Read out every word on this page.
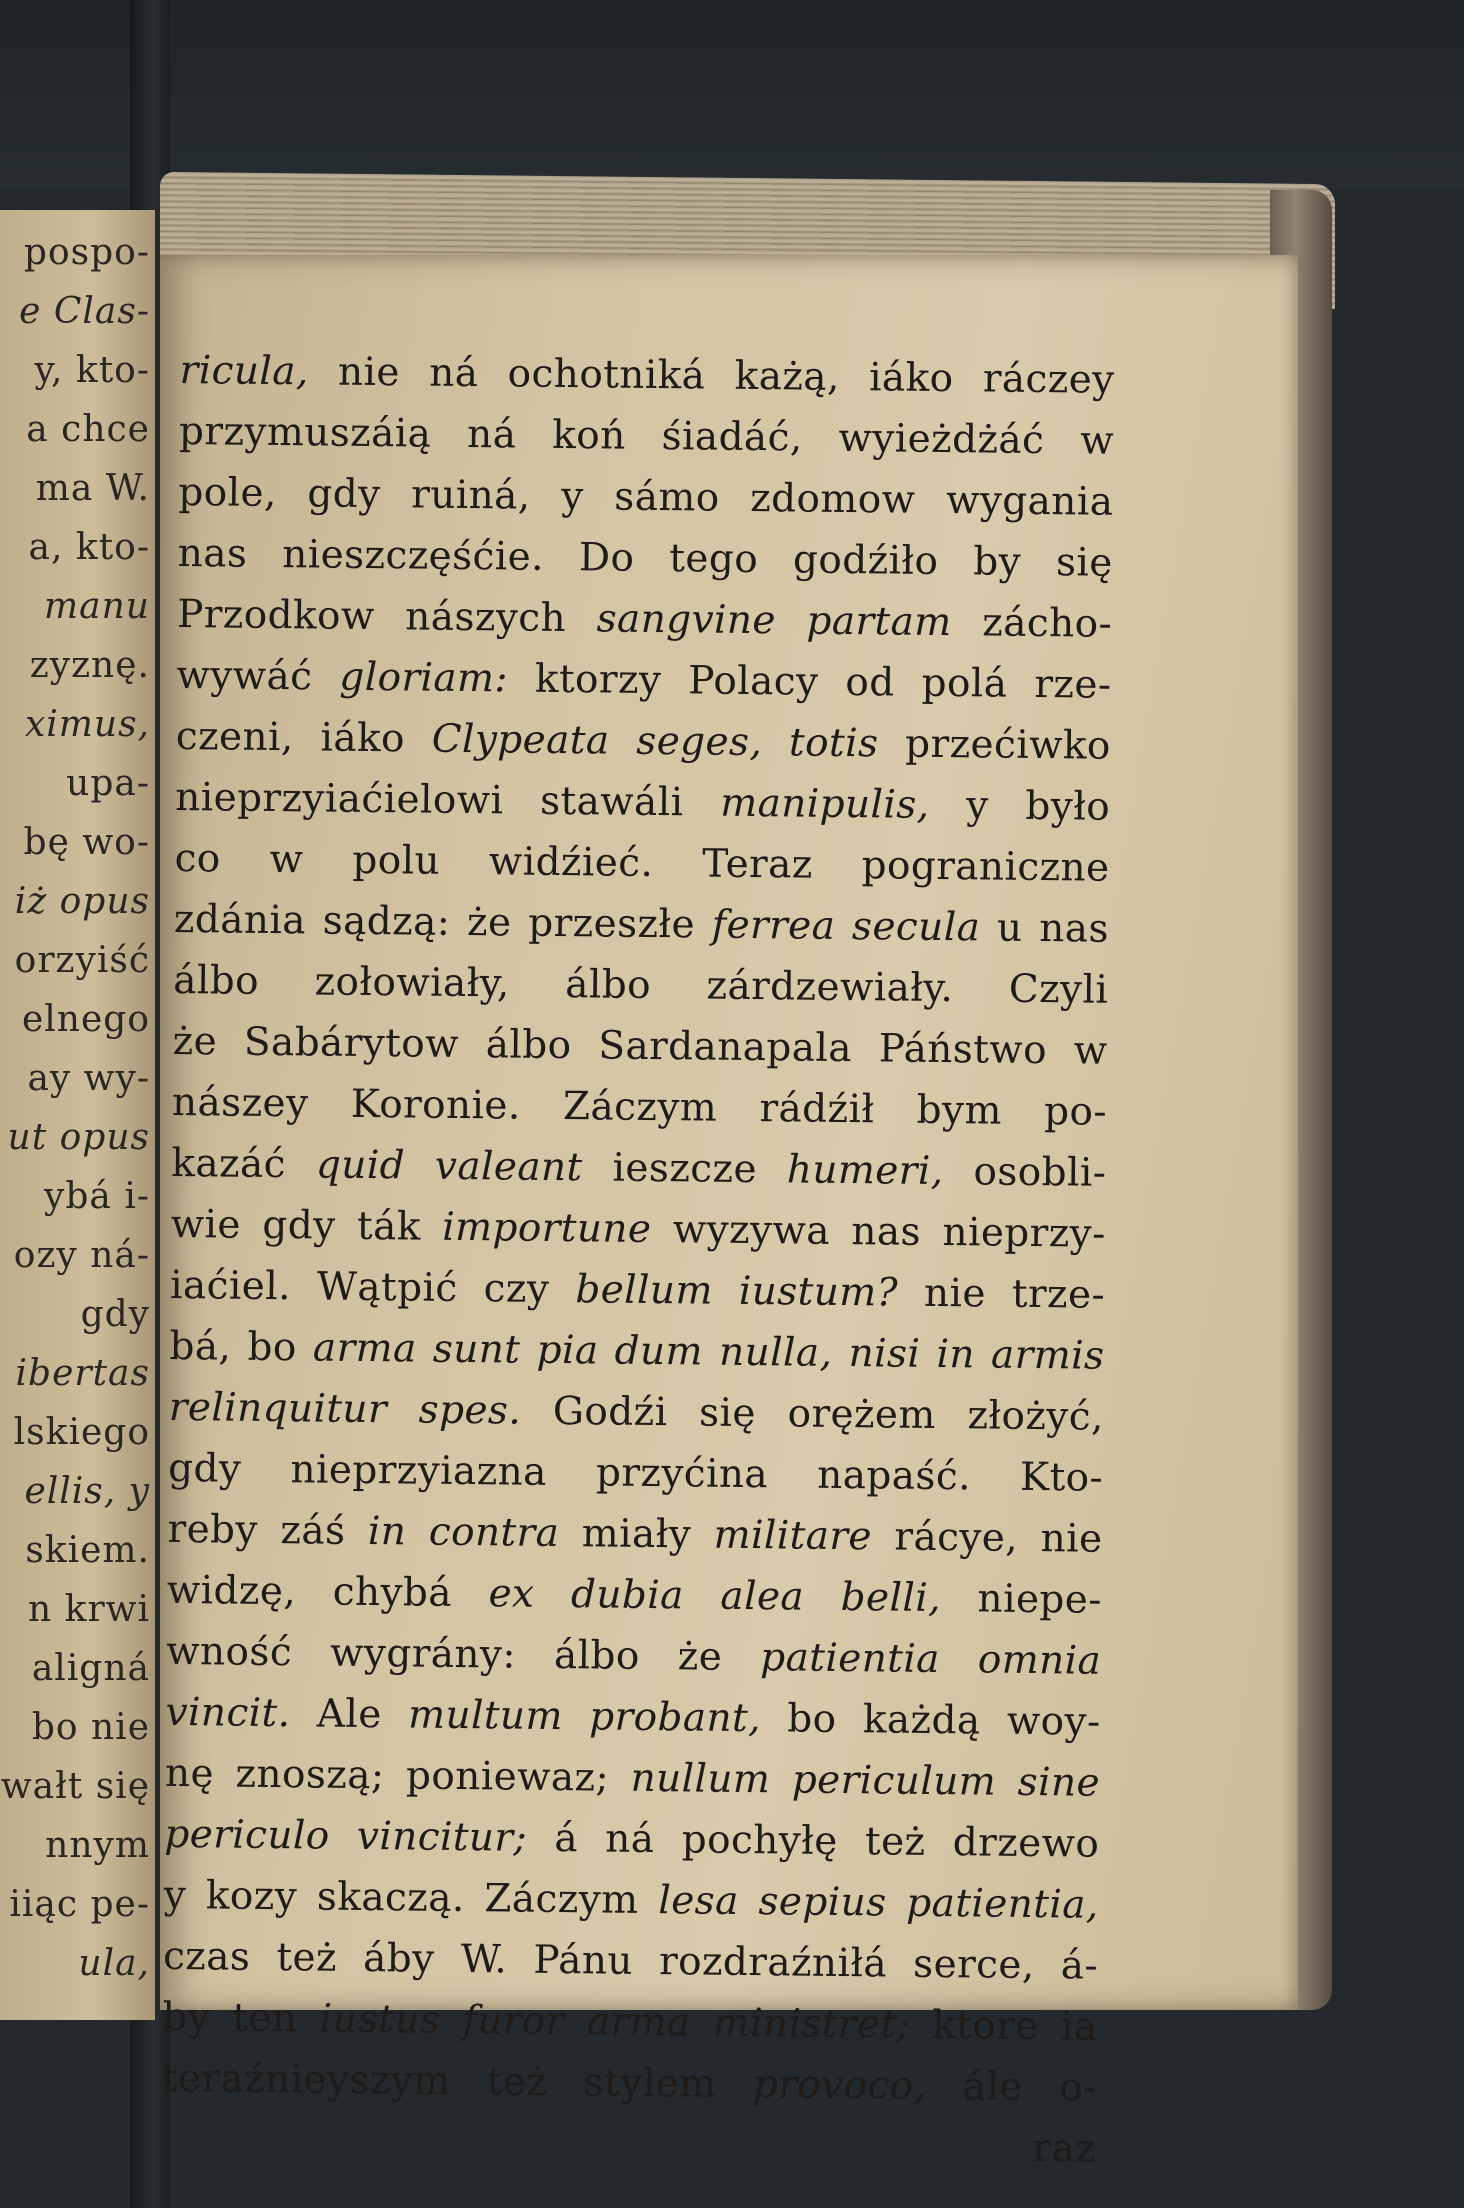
pospo-
e Clas-
y, kto-
a chce
ma W.
a, kto-
manu
zyznę.
ximus,
upa-
bę wo-
iż opus
orzyiść
elnego
ay wy-
ut opus
ybá i-
ozy ná-
gdy
ibertas
lskiego
ellis, y
skiem.
n krwi
aligná
bo nie
wałt się
nnym
iiąc pe-
ula,
ricula, nie ná ochotniká każą, iáko ráczey
przymuszáią ná koń śiadáć, wyieżdżáć w
pole, gdy ruiná, y sámo zdomow wygania
nas nieszczęśćie. Do tego godźiło by się
Przodkow nászych sangvine partam zácho-
wywáć gloriam: ktorzy Polacy od polá rze-
czeni, iáko Clypeata seges, totis przećiwko
nieprzyiaćielowi stawáli manipulis, y było
co w polu widźieć. Teraz pograniczne
zdánia sądzą: że przeszłe ferrea secula u nas
álbo zołowiały, álbo zárdzewiały. Czyli
że Sabárytow álbo Sardanapala Páństwo w
nászey Koronie. Záczym rádźił bym po-
kazáć quid valeant ieszcze humeri, osobli-
wie gdy ták importune wyzywa nas nieprzy-
iaćiel. Wątpić czy bellum iustum? nie trze-
bá, bo arma sunt pia dum nulla, nisi in armis
relinquitur spes. Godźi się orężem złożyć,
gdy nieprzyiazna przyćina napaść. Kto-
reby záś in contra miały militare rácye, nie
widzę, chybá ex dubia alea belli, niepe-
wność wygrány: álbo że patientia omnia
vincit. Ale multum probant, bo każdą woy-
nę znoszą; poniewaz; nullum periculum sine
periculo vincitur; á ná pochyłę też drzewo
y kozy skaczą. Záczym lesa sepius patientia,
czas też áby W. Pánu rozdraźniłá serce, á-
by ten iustus furor arma ministret; ktore ia
teraźnieyszym też stylem provoco, ále o-
raz
